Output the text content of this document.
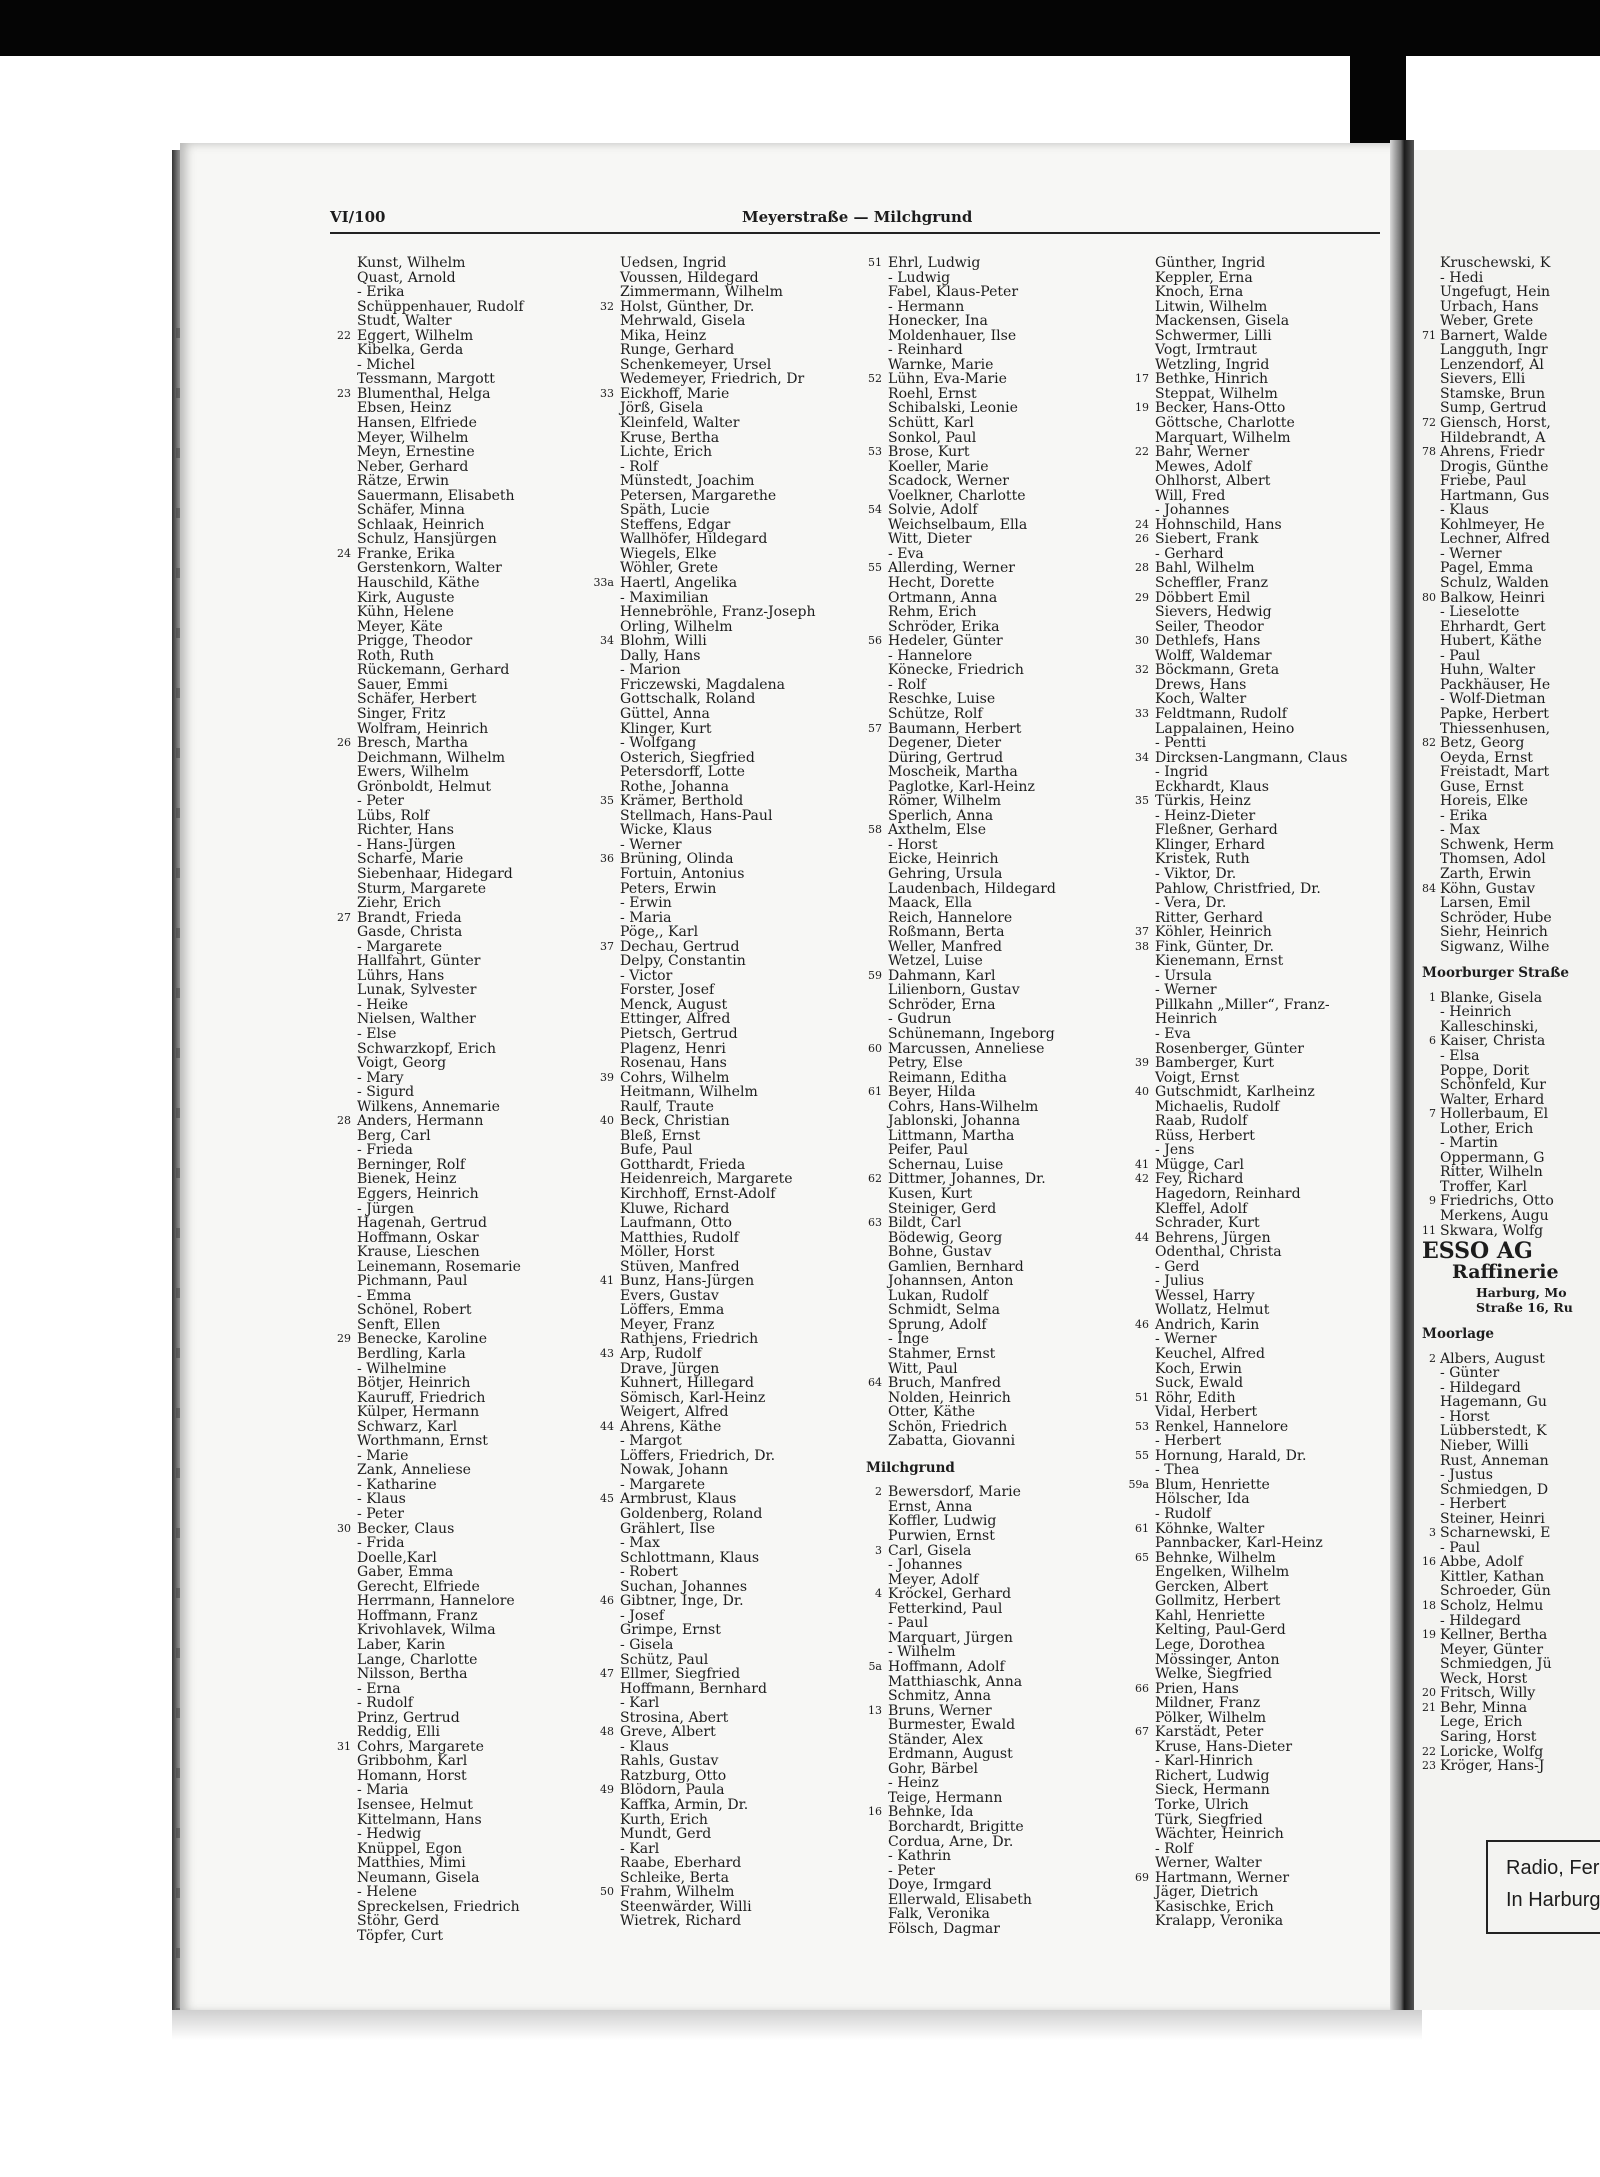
VI/100	Meyerstraße — Milchgrund
Kunst, Wilhelm
Quast, Arnold
- Erika
Schüppenhauer, Rudolf
Studt, Walter
22 Eggert, Wilhelm
Kibelka, Gerda
- Michel
Tessmann, Margott
23 Blumenthal, Helga
Ebsen, Heinz
Hansen, Elfriede
Meyer, Wilhelm
Meyn, Ernestine
Neber, Gerhard
Rätze, Erwin
Sauermann, Elisabeth
Schäfer, Minna
Schlaak, Heinrich
Schulz, Hansjürgen
24 Franke, Erika
Gerstenkorn, Walter
Hauschild, Käthe
Kirk, Auguste
Kühn, Helene
Meyer, Käte
Prigge, Theodor
Roth, Ruth
Rückemann, Gerhard
Sauer, Emmi
Schäfer, Herbert
Singer, Fritz
Wolfram, Heinrich
26 Bresch, Martha
Deichmann, Wilhelm
Ewers, Wilhelm
Grönboldt, Helmut
- Peter
Lübs, Rolf
Richter, Hans
- Hans-Jürgen
Scharfe, Marie
Siebenhaar, Hidegard
Sturm, Margarete
Ziehr, Erich
27 Brandt, Frieda
Gasde, Christa
- Margarete
Hallfahrt, Günter
Lührs, Hans
Lunak, Sylvester
- Heike
Nielsen, Walther
- Else
Schwarzkopf, Erich
Voigt, Georg
- Mary
- Sigurd
Wilkens, Annemarie
28 Anders, Hermann
Berg, Carl
- Frieda
Berninger, Rolf
Bienek, Heinz
Eggers, Heinrich
- Jürgen
Hagenah, Gertrud
Hoffmann, Oskar
Krause, Lieschen
Leinemann, Rosemarie
Pichmann, Paul
- Emma
Schönel, Robert
Senft, Ellen
29 Benecke, Karoline
Berdling, Karla
- Wilhelmine
Bötjer, Heinrich
Kauruff, Friedrich
Külper, Hermann
Schwarz, Karl
Worthmann, Ernst
- Marie
Zank, Anneliese
- Katharine
- Klaus
- Peter
30 Becker, Claus
- Frida
Doelle,Karl
Gaber, Emma
Gerecht, Elfriede
Herrmann, Hannelore
Hoffmann, Franz
Krivohlavek, Wilma
Laber, Karin
Lange, Charlotte
Nilsson, Bertha
- Erna
- Rudolf
Prinz, Gertrud
Reddig, Elli
31 Cohrs, Margarete
Gribbohm, Karl
Homann, Horst
- Maria
Isensee, Helmut
Kittelmann, Hans
- Hedwig
Knüppel, Egon
Matthies, Mimi
Neumann, Gisela
- Helene
Spreckelsen, Friedrich
Stöhr, Gerd
Töpfer, Curt
Uedsen, Ingrid
Voussen, Hildegard
Zimmermann, Wilhelm
32 Holst, Günther, Dr.
Mehrwald, Gisela
Mika, Heinz
Runge, Gerhard
Schenkemeyer, Ursel
Wedemeyer, Friedrich, Dr
33 Eickhoff, Marie
Jörß, Gisela
Kleinfeld, Walter
Kruse, Bertha
Lichte, Erich
- Rolf
Münstedt, Joachim
Petersen, Margarethe
Späth, Lucie
Steffens, Edgar
Wallhöfer, Hildegard
Wiegels, Elke
Wöhler, Grete
33a Haertl, Angelika
- Maximilian
Hennebröhle, Franz-Joseph
Orling, Wilhelm
34 Blohm, Willi
Dally, Hans
- Marion
Friczewski, Magdalena
Gottschalk, Roland
Güttel, Anna
Klinger, Kurt
- Wolfgang
Osterich, Siegfried
Petersdorff, Lotte
Rothe, Johanna
35 Krämer, Berthold
Stellmach, Hans-Paul
Wicke, Klaus
- Werner
36 Brüning, Olinda
Fortuin, Antonius
Peters, Erwin
- Erwin
- Maria
Pöge,, Karl
37 Dechau, Gertrud
Delpy, Constantin
- Victor
Forster, Josef
Menck, August
Ettinger, Alfred
Pietsch, Gertrud
Plagenz, Henri
Rosenau, Hans
39 Cohrs, Wilhelm
Heitmann, Wilhelm
Raulf, Traute
40 Beck, Christian
Bleß, Ernst
Bufe, Paul
Gotthardt, Frieda
Heidenreich, Margarete
Kirchhoff, Ernst-Adolf
Kluwe, Richard
Laufmann, Otto
Matthies, Rudolf
Möller, Horst
Stüven, Manfred
41 Bunz, Hans-Jürgen
Evers, Gustav
Löffers, Emma
Meyer, Franz
Rathjens, Friedrich
43 Arp, Rudolf
Drave, Jürgen
Kuhnert, Hillegard
Sömisch, Karl-Heinz
Weigert, Alfred
44 Ahrens, Käthe
- Margot
Löffers, Friedrich, Dr.
Nowak, Johann
- Margarete
45 Armbrust, Klaus
Goldenberg, Roland
Grählert, Ilse
- Max
Schlottmann, Klaus
- Robert
Suchan, Johannes
46 Gibtner, Inge, Dr.
- Josef
Grimpe, Ernst
- Gisela
Schütz, Paul
47 Ellmer, Siegfried
Hoffmann, Bernhard
- Karl
Strosina, Abert
48 Greve, Albert
- Klaus
Rahls, Gustav
Ratzburg, Otto
49 Blödorn, Paula
Kaffka, Armin, Dr.
Kurth, Erich
Mundt, Gerd
- Karl
Raabe, Eberhard
Schleike, Berta
50 Frahm, Wilhelm
Steenwärder, Willi
Wietrek, Richard
51 Ehrl, Ludwig
- Ludwig
Fabel, Klaus-Peter
- Hermann
Honecker, Ina
Moldenhauer, Ilse
- Reinhard
Warnke, Marie
52 Lühn, Eva-Marie
Roehl, Ernst
Schibalski, Leonie
Schütt, Karl
Sonkol, Paul
53 Brose, Kurt
Koeller, Marie
Scadock, Werner
Voelkner, Charlotte
54 Solvie, Adolf
Weichselbaum, Ella
Witt, Dieter
- Eva
55 Allerding, Werner
Hecht, Dorette
Ortmann, Anna
Rehm, Erich
Schröder, Erika
56 Hedeler, Günter
- Hannelore
Könecke, Friedrich
- Rolf
Reschke, Luise
Schütze, Rolf
57 Baumann, Herbert
Degener, Dieter
Düring, Gertrud
Moscheik, Martha
Paglotke, Karl-Heinz
Römer, Wilhelm
Sperlich, Anna
58 Axthelm, Else
- Horst
Eicke, Heinrich
Gehring, Ursula
Laudenbach, Hildegard
Maack, Ella
Reich, Hannelore
Roßmann, Berta
Weller, Manfred
Wetzel, Luise
59 Dahmann, Karl
Lilienborn, Gustav
Schröder, Erna
- Gudrun
Schünemann, Ingeborg
60 Marcussen, Anneliese
Petry, Else
Reimann, Editha
61 Beyer, Hilda
Cohrs, Hans-Wilhelm
Jablonski, Johanna
Littmann, Martha
Peifer, Paul
Schernau, Luise
62 Dittmer, Johannes, Dr.
Kusen, Kurt
Steiniger, Gerd
63 Bildt, Carl
Bödewig, Georg
Bohne, Gustav
Gamlien, Bernhard
Johannsen, Anton
Lukan, Rudolf
Schmidt, Selma
Sprung, Adolf
- Inge
Stahmer, Ernst
Witt, Paul
64 Bruch, Manfred
Nolden, Heinrich
Otter, Käthe
Schön, Friedrich
Zabatta, Giovanni
Milchgrund
2 Bewersdorf, Marie
Ernst, Anna
Koffler, Ludwig
Purwien, Ernst
3 Carl, Gisela
- Johannes
Meyer, Adolf
4 Kröckel, Gerhard
Fetterkind, Paul
- Paul
Marquart, Jürgen
- Wilhelm
5a Hoffmann, Adolf
Matthiaschk, Anna
Schmitz, Anna
13 Bruns, Werner
Burmester, Ewald
Ständer, Alex
Erdmann, August
Gohr, Bärbel
- Heinz
Teige, Hermann
16 Behnke, Ida
Borchardt, Brigitte
Cordua, Arne, Dr.
- Kathrin
- Peter
Doye, Irmgard
Ellerwald, Elisabeth
Falk, Veronika
Fölsch, Dagmar
Günther, Ingrid
Keppler, Erna
Knoch, Erna
Litwin, Wilhelm
Mackensen, Gisela
Schwermer, Lilli
Vogt, Irmtraut
Wetzling, Ingrid
17 Bethke, Hinrich
Steppat, Wilhelm
19 Becker, Hans-Otto
Göttsche, Charlotte
Marquart, Wilhelm
22 Bahr, Werner
Mewes, Adolf
Ohlhorst, Albert
Will, Fred
- Johannes
24 Hohnschild, Hans
26 Siebert, Frank
- Gerhard
28 Bahl, Wilhelm
Scheffler, Franz
29 Döbbert Emil
Sievers, Hedwig
Seiler, Theodor
30 Dethlefs, Hans
Wolff, Waldemar
32 Böckmann, Greta
Drews, Hans
Koch, Walter
33 Feldtmann, Rudolf
Lappalainen, Heino
- Pentti
34 Dircksen-Langmann, Claus
- Ingrid
Eckhardt, Klaus
35 Türkis, Heinz
- Heinz-Dieter
Fleßner, Gerhard
Klinger, Erhard
Kristek, Ruth
- Viktor, Dr.
Pahlow, Christfried, Dr.
- Vera, Dr.
Ritter, Gerhard
37 Köhler, Heinrich
38 Fink, Günter, Dr.
Kienemann, Ernst
- Ursula
- Werner
Pillkahn „Miller“, Franz-
Heinrich
- Eva
Rosenberger, Günter
39 Bamberger, Kurt
Voigt, Ernst
40 Gutschmidt, Karlheinz
Michaelis, Rudolf
Raab, Rudolf
Rüss, Herbert
- Jens
41 Mügge, Carl
42 Fey, Richard
Hagedorn, Reinhard
Kleffel, Adolf
Schrader, Kurt
44 Behrens, Jürgen
Odenthal, Christa
- Gerd
- Julius
Wessel, Harry
Wollatz, Helmut
46 Andrich, Karin
- Werner
Keuchel, Alfred
Koch, Erwin
Suck, Ewald
51 Röhr, Edith
Vidal, Herbert
53 Renkel, Hannelore
- Herbert
55 Hornung, Harald, Dr.
- Thea
59a Blum, Henriette
Hölscher, Ida
- Rudolf
61 Köhnke, Walter
Pannbacker, Karl-Heinz
65 Behnke, Wilhelm
Engelken, Wilhelm
Gercken, Albert
Gollmitz, Herbert
Kahl, Henriette
Kelting, Paul-Gerd
Lege, Dorothea
Mössinger, Anton
Welke, Siegfried
66 Prien, Hans
Mildner, Franz
Pölker, Wilhelm
67 Karstädt, Peter
Kruse, Hans-Dieter
- Karl-Hinrich
Richert, Ludwig
Sieck, Hermann
Torke, Ulrich
Türk, Siegfried
Wächter, Heinrich
- Rolf
Werner, Walter
69 Hartmann, Werner
Jäger, Dietrich
Kasischke, Erich
Kralapp, Veronika
Kruschewski, K
- Hedi
Ungefugt, Hein
Urbach, Hans
Weber, Grete
71 Barnert, Walde
Langguth, Ingr
Lenzendorf, Al
Sievers, Elli
Stamske, Brun
Sump, Gertrud
72 Giensch, Horst,
Hildebrandt, A
78 Ahrens, Friedr
Drogis, Günthe
Friebe, Paul
Hartmann, Gus
- Klaus
Kohlmeyer, He
Lechner, Alfred
- Werner
Pagel, Emma
Schulz, Walden
80 Balkow, Heinri
- Lieselotte
Ehrhardt, Gert
Hubert, Käthe
- Paul
Huhn, Walter
Packhäuser, He
- Wolf-Dietman
Papke, Herbert
Thiessenhusen,
82 Betz, Georg
Oeyda, Ernst
Freistadt, Mart
Guse, Ernst
Horeis, Elke
- Erika
- Max
Schwenk, Herm
Thomsen, Adol
Zarth, Erwin
84 Köhn, Gustav
Larsen, Emil
Schröder, Hube
Siehr, Heinrich
Sigwanz, Wilhe
Moorburger Straße
1 Blanke, Gisela
- Heinrich
Kalleschinski,
6 Kaiser, Christa
- Elsa
Poppe, Dorit
Schönfeld, Kur
Walter, Erhard
7 Hollerbaum, El
Lother, Erich
- Martin
Oppermann, G
Ritter, Wilheln
Troffer, Karl
9 Friedrichs, Otto
Merkens, Augu
11 Skwara, Wolfg
ESSO AG
Raffinerie
Harburg, Mo
Straße 16, Ru
Moorlage
2 Albers, August
- Günter
- Hildegard
Hagemann, Gu
- Horst
Lübberstedt, K
Nieber, Willi
Rust, Anneman
- Justus
Schmiedgen, D
- Herbert
Steiner, Heinri
3 Scharnewski, E
- Paul
16 Abbe, Adolf
Kittler, Kathan
Schroeder, Gün
18 Scholz, Helmu
- Hildegard
19 Kellner, Bertha
Meyer, Günter
Schmiedgen, Jü
Weck, Horst
20 Fritsch, Willy
21 Behr, Minna
Lege, Erich
Saring, Horst
22 Loricke, Wolfg
23 Kröger, Hans-J
Radio, Fer
In Harburg
